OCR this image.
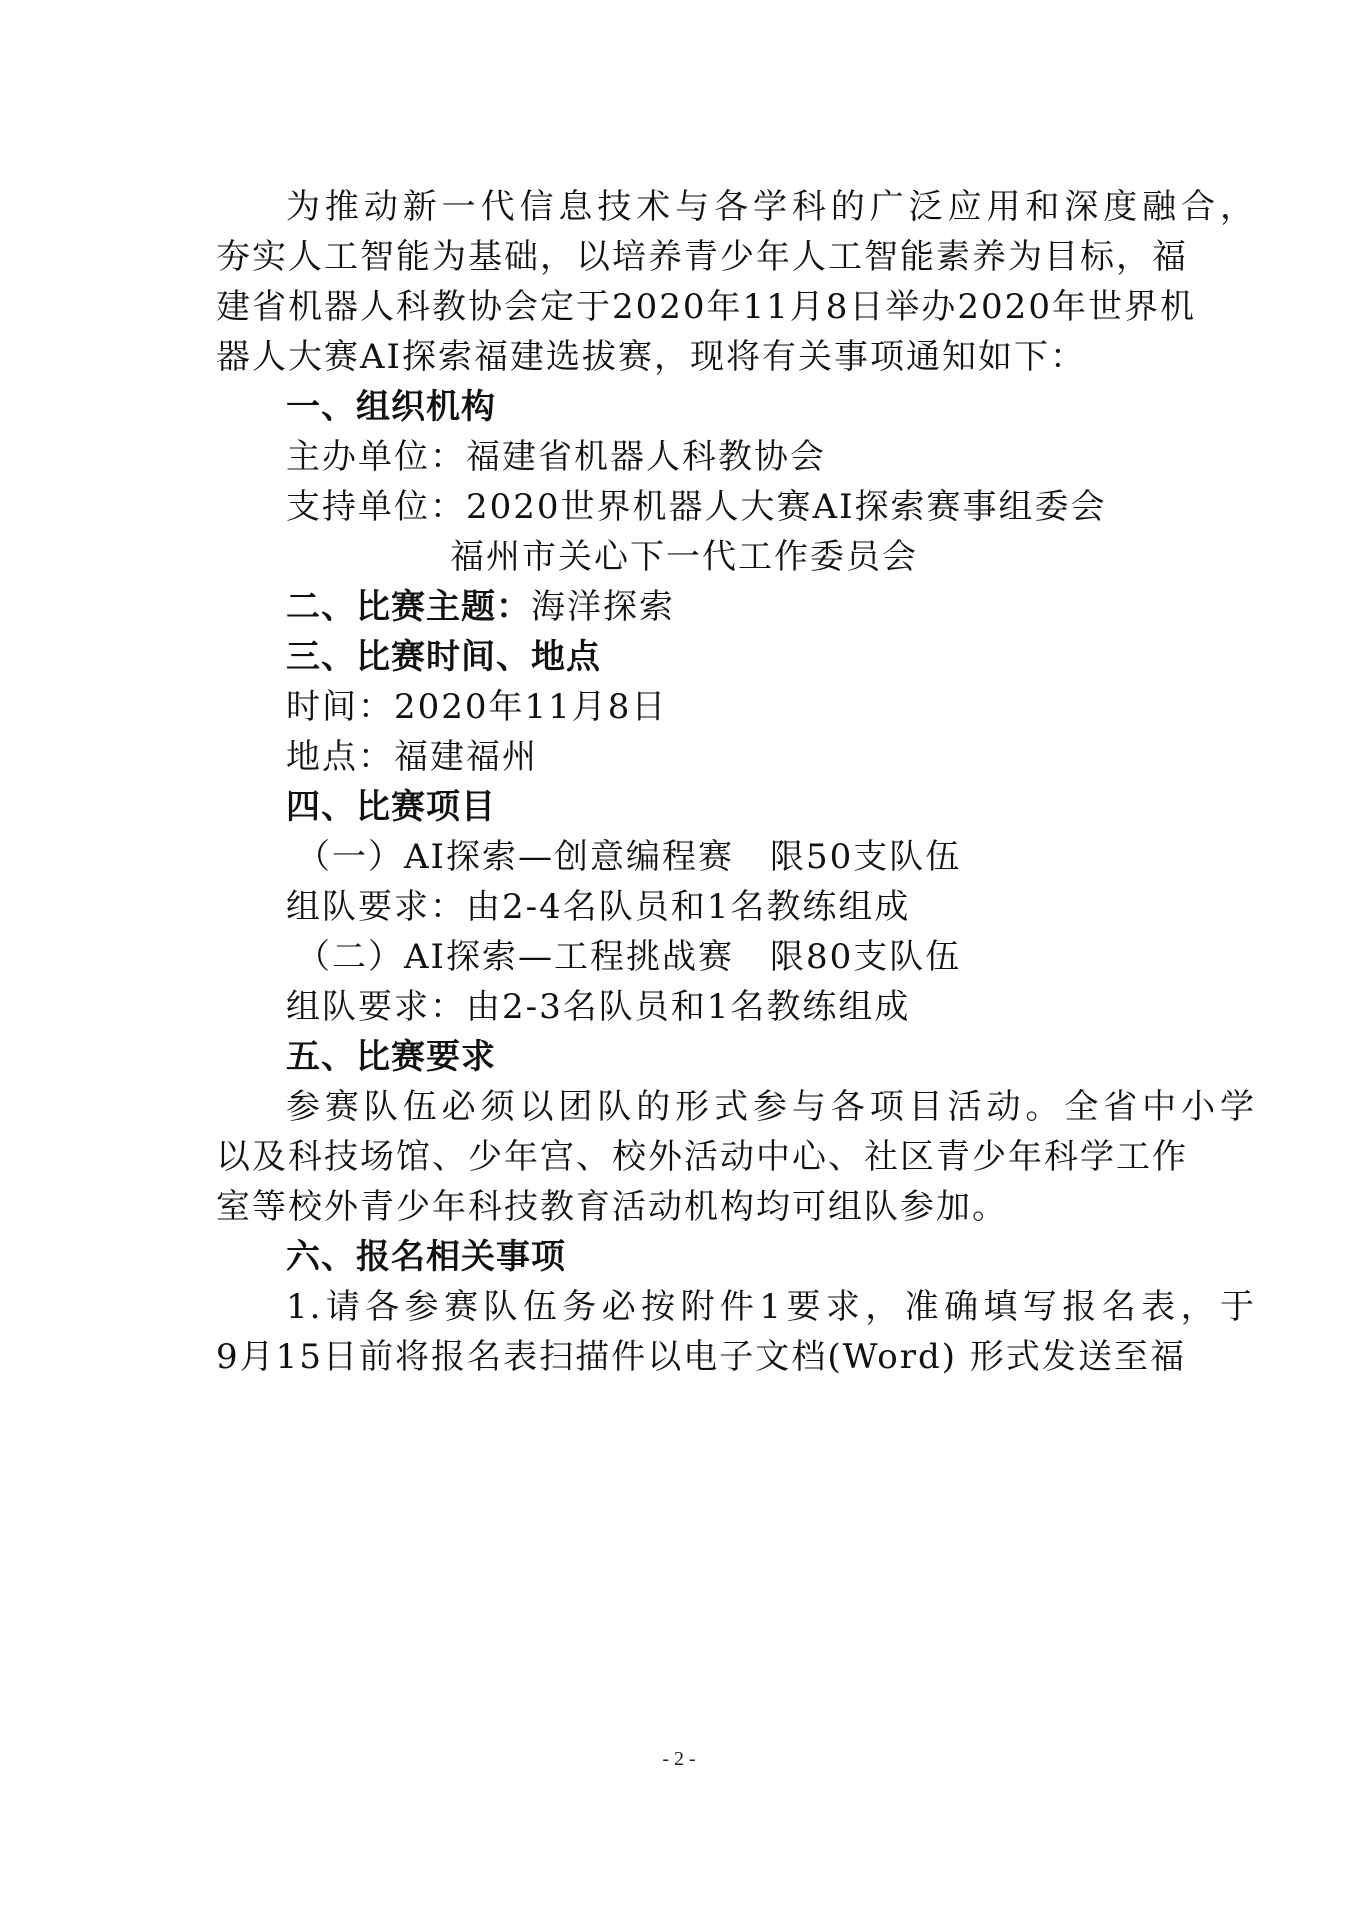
为推动新一代信息技术与各学科的广泛应用和深度融合，
夯实人工智能为基础，以培养青少年人工智能素养为目标，福
建省机器人科教协会定于2020年11月8日举办2020年世界机
器人大赛AI探索福建选拔赛，现将有关事项通知如下：
一、组织机构
主办单位：福建省机器人科教协会
支持单位：2020世界机器人大赛AI探索赛事组委会
福州市关心下一代工作委员会
二、比赛主题：海洋探索
三、比赛时间、地点
时间：2020年11月8日
地点：福建福州
四、比赛项目
（一）AI探索—创意编程赛　限50支队伍
组队要求：由2-4名队员和1名教练组成
（二）AI探索—工程挑战赛　限80支队伍
组队要求：由2-3名队员和1名教练组成
五、比赛要求
参赛队伍必须以团队的形式参与各项目活动。全省中小学
以及科技场馆、少年宫、校外活动中心、社区青少年科学工作
室等校外青少年科技教育活动机构均可组队参加。
六、报名相关事项
1.请各参赛队伍务必按附件1要求，准确填写报名表，于
9月15日前将报名表扫描件以电子文档(Word) 形式发送至福
- 2 -
